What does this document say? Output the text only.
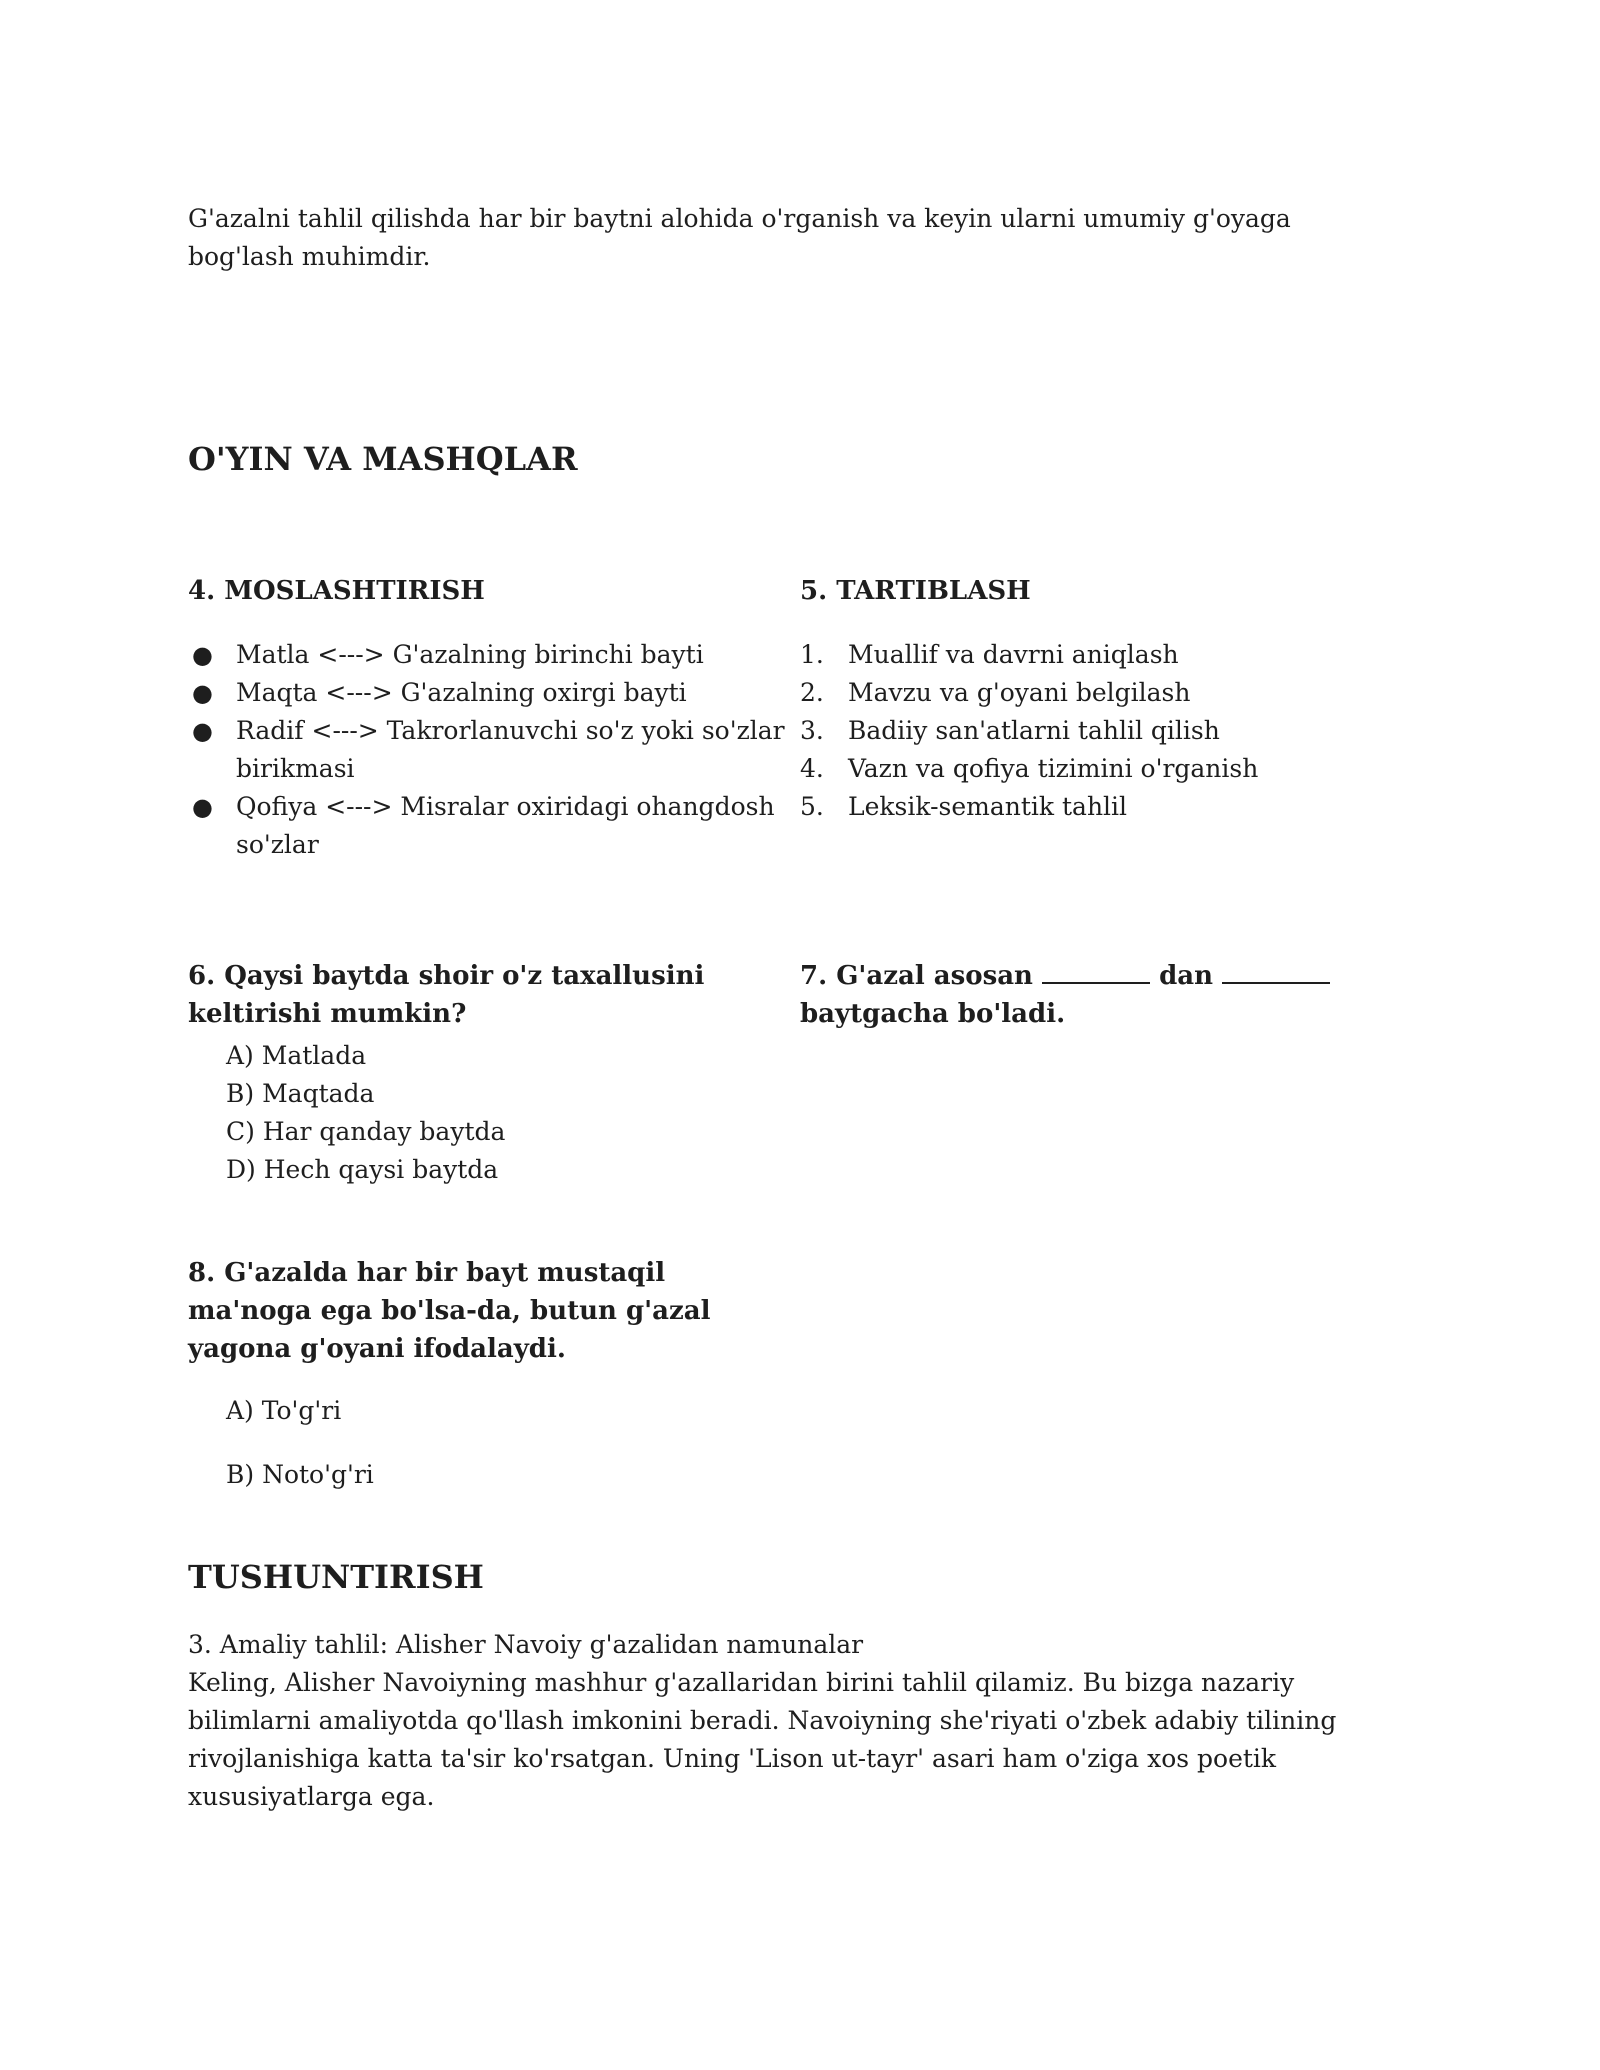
G'azalni tahlil qilishda har bir baytni alohida o'rganish va keyin ularni umumiy g'oyaga bog'lash muhimdir.

O'YIN VA MASHQLAR
4. MOSLASHTIRISH
● Matla <---> G'azalning birinchi bayti
● Maqta <---> G'azalning oxirgi bayti
● Radif <---> Takrorlanuvchi so'z yoki so'zlar birikmasi
● Qofiya <---> Misralar oxiridagi ohangdosh so'zlar
5. TARTIBLASH
1. Muallif va davrni aniqlash
2. Mavzu va g'oyani belgilash
3. Badiiy san'atlarni tahlil qilish
4. Vazn va qofiya tizimini o'rganish
5. Leksik-semantik tahlil
6. Qaysi baytda shoir o'z taxallusini keltirishi mumkin?
A) Matlada
B) Maqtada
C) Har qanday baytda
D) Hech qaysi baytda
7. G'azal asosan	dan
baytgacha bo'ladi.
8. G'azalda har bir bayt mustaqil ma'noga ega bo'lsa-da, butun g'azal yagona g'oyani ifodalaydi.
A) To'g'ri
B) Noto'g'ri
TUSHUNTIRISH
3. Amaliy tahlil: Alisher Navoiy g'azalidan namunalar
Keling, Alisher Navoiyning mashhur g'azallaridan birini tahlil qilamiz. Bu bizga nazariy bilimlarni amaliyotda qo'llash imkonini beradi. Navoiyning she'riyati o'zbek adabiy tilining rivojlanishiga katta ta'sir ko'rsatgan. Uning 'Lison ut-tayr' asari ham o'ziga xos poetik xususiyatlarga ega.
